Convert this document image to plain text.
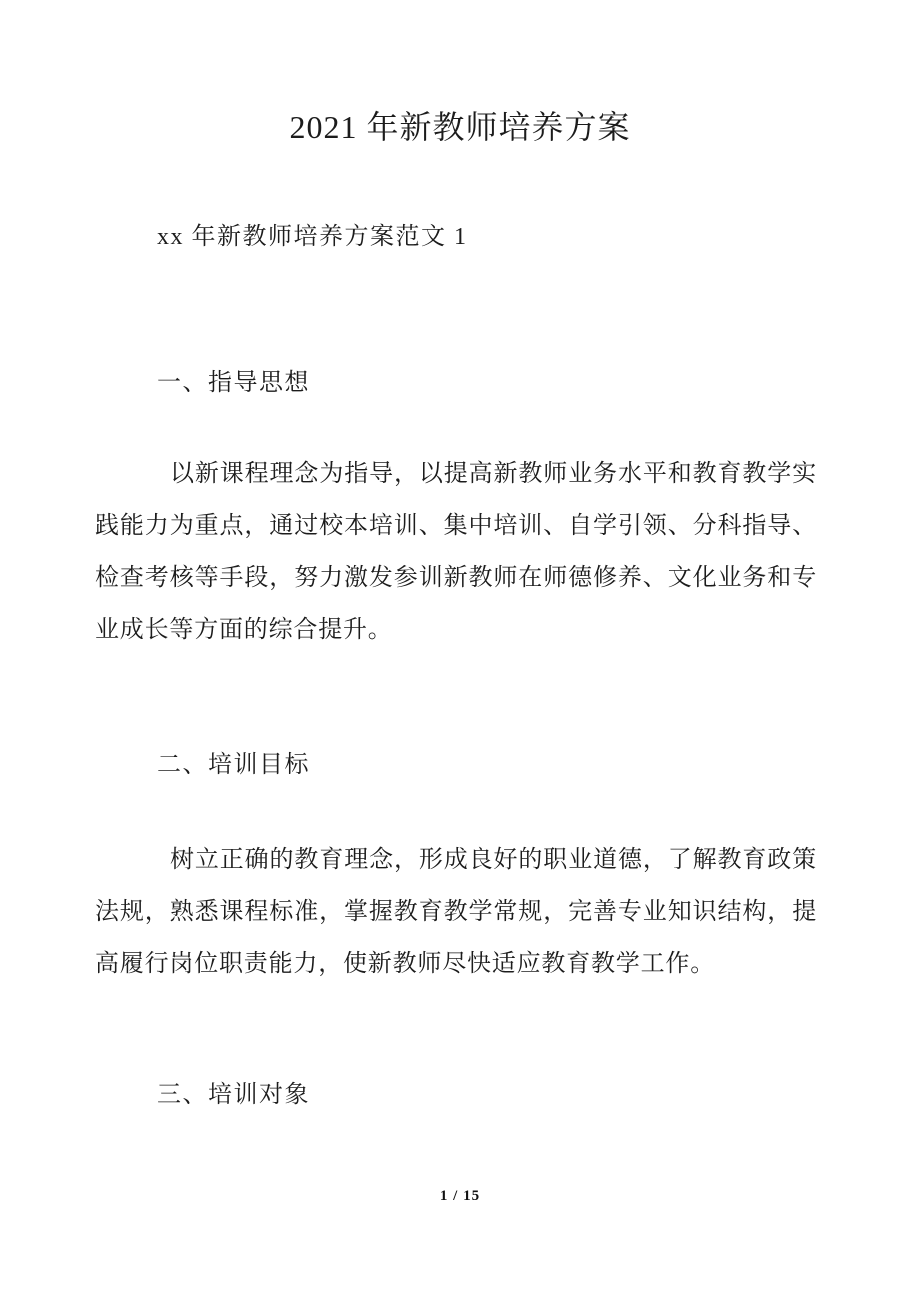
2021 年新教师培养方案
xx 年新教师培养方案范文 1
一、指导思想

以新课程理念为指导，以提高新教师业务水平和教育教学实践能力为重点，通过校本培训、集中培训、自学引领、分科指导、检查考核等手段，努力激发参训新教师在师德修养、文化业务和专业成长等方面的综合提升。

二、培训目标

树立正确的教育理念，形成良好的职业道德，了解教育政策法规，熟悉课程标准，掌握教育教学常规，完善专业知识结构，提高履行岗位职责能力，使新教师尽快适应教育教学工作。

三、培训对象
1 / 15
